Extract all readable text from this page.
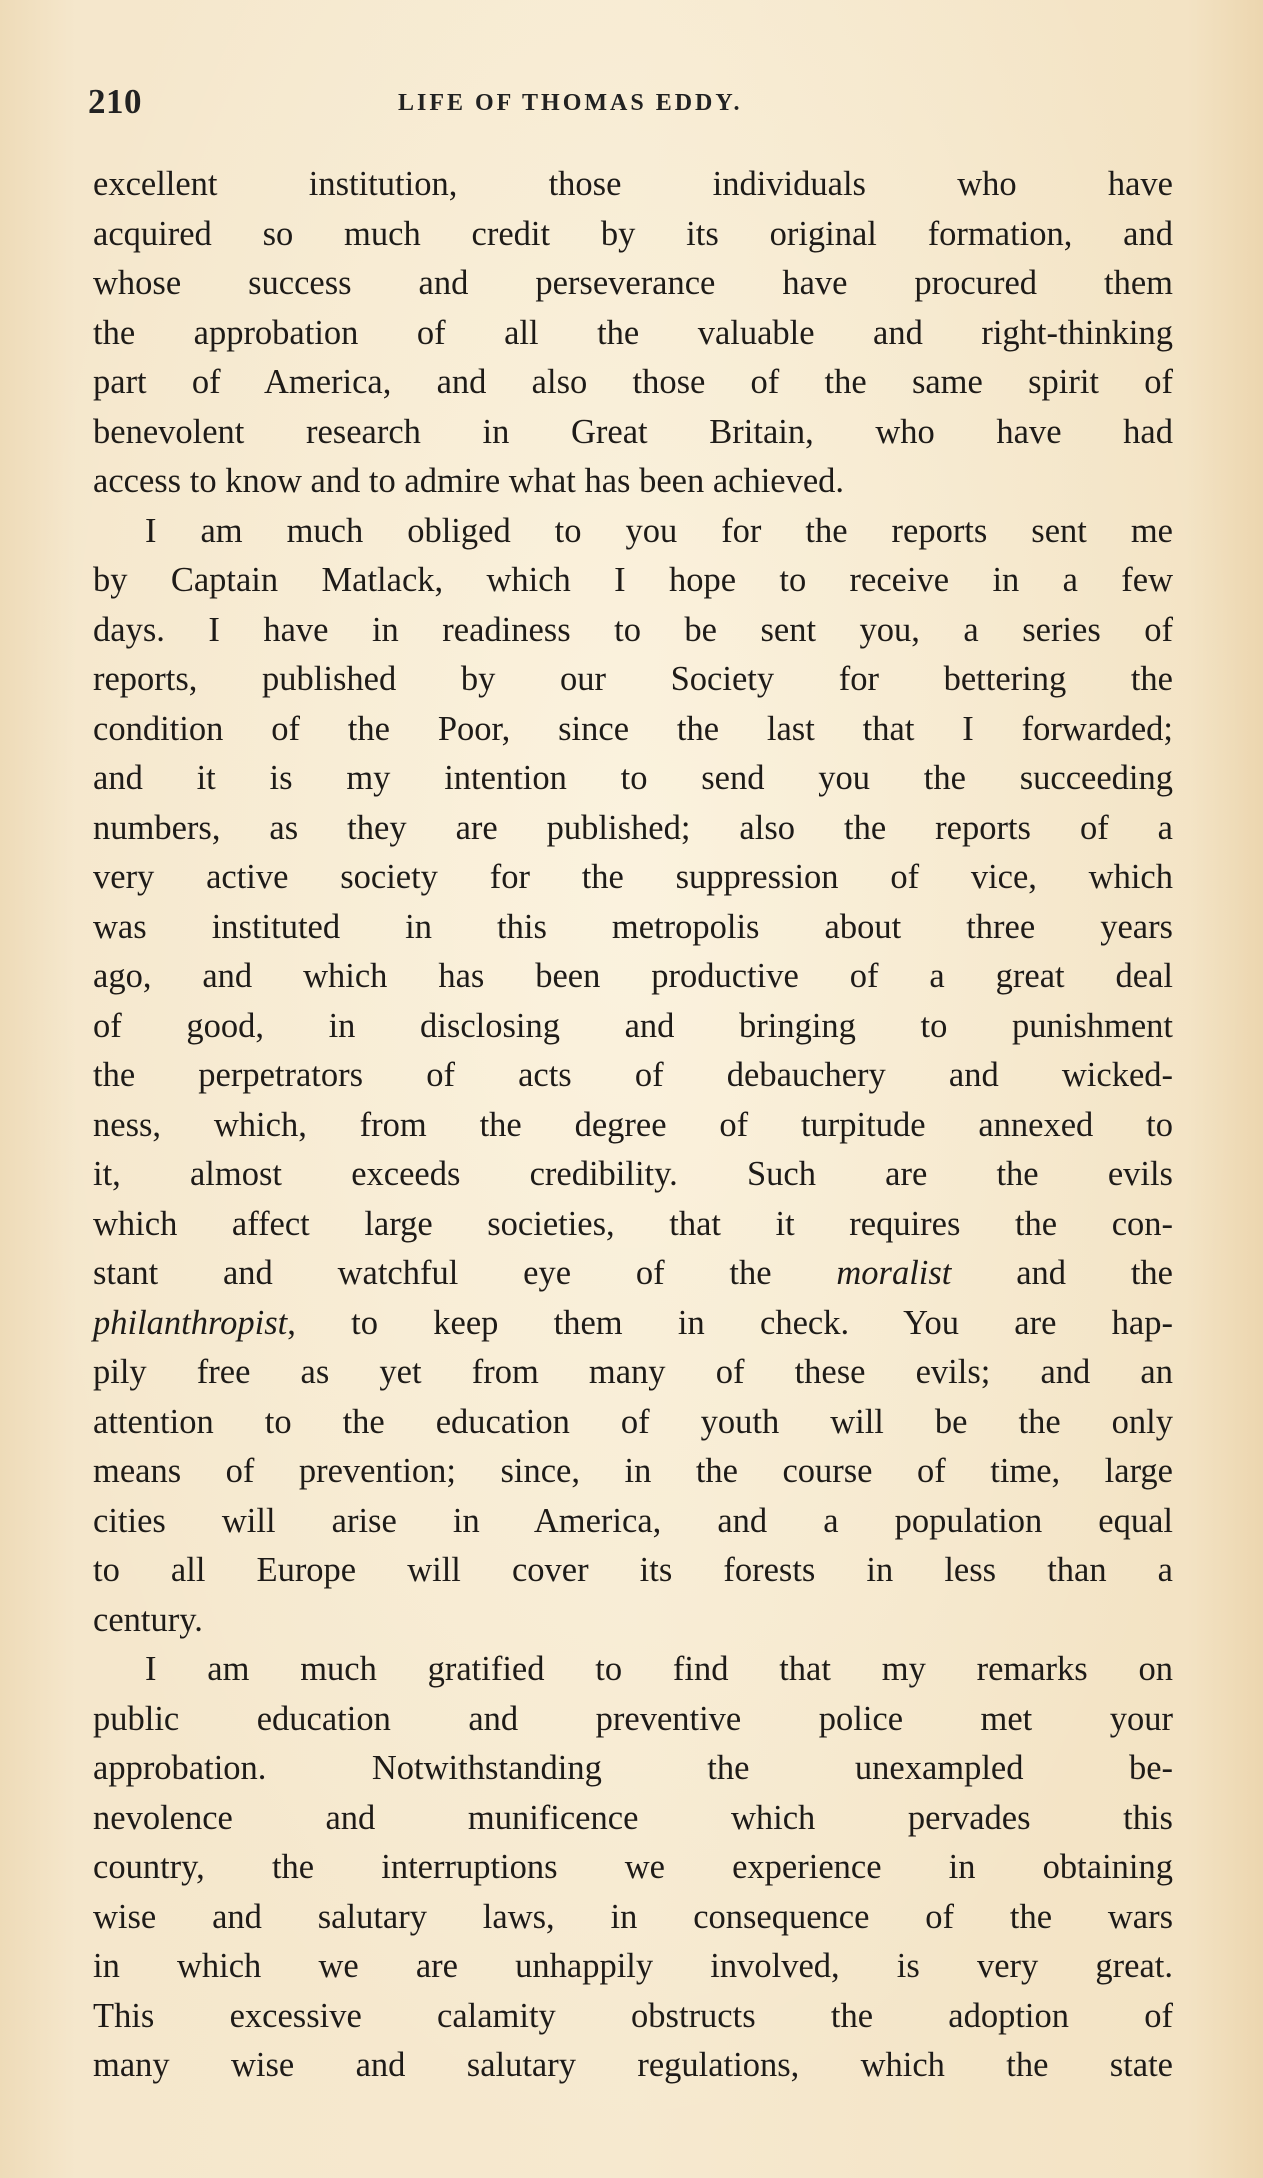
210	LIFE OF THOMAS EDDY.
excellent institution, those individuals who have
acquired so much credit by its original formation, and
whose success and perseverance have procured them
the approbation of all the valuable and right-thinking
part of America, and also those of the same spirit of
benevolent research in Great Britain, who have had
access to know and to admire what has been achieved.
I am much obliged to you for the reports sent me
by Captain Matlack, which I hope to receive in a few
days. I have in readiness to be sent you, a series of
reports, published by our Society for bettering the
condition of the Poor, since the last that I forwarded;
and it is my intention to send you the succeeding
numbers, as they are published; also the reports of a
very active society for the suppression of vice, which
was instituted in this metropolis about three years
ago, and which has been productive of a great deal
of good, in disclosing and bringing to punishment
the perpetrators of acts of debauchery and wicked-
ness, which, from the degree of turpitude annexed to
it, almost exceeds credibility. Such are the evils
which affect large societies, that it requires the con-
stant and watchful eye of the moralist and the
philanthropist, to keep them in check. You are hap-
pily free as yet from many of these evils; and an
attention to the education of youth will be the only
means of prevention; since, in the course of time, large
cities will arise in America, and a population equal
to all Europe will cover its forests in less than a
century.
I am much gratified to find that my remarks on
public education and preventive police met your
approbation. Notwithstanding the unexampled be-
nevolence and munificence which pervades this
country, the interruptions we experience in obtaining
wise and salutary laws, in consequence of the wars
in which we are unhappily involved, is very great.
This excessive calamity obstructs the adoption of
many wise and salutary regulations, which the state
